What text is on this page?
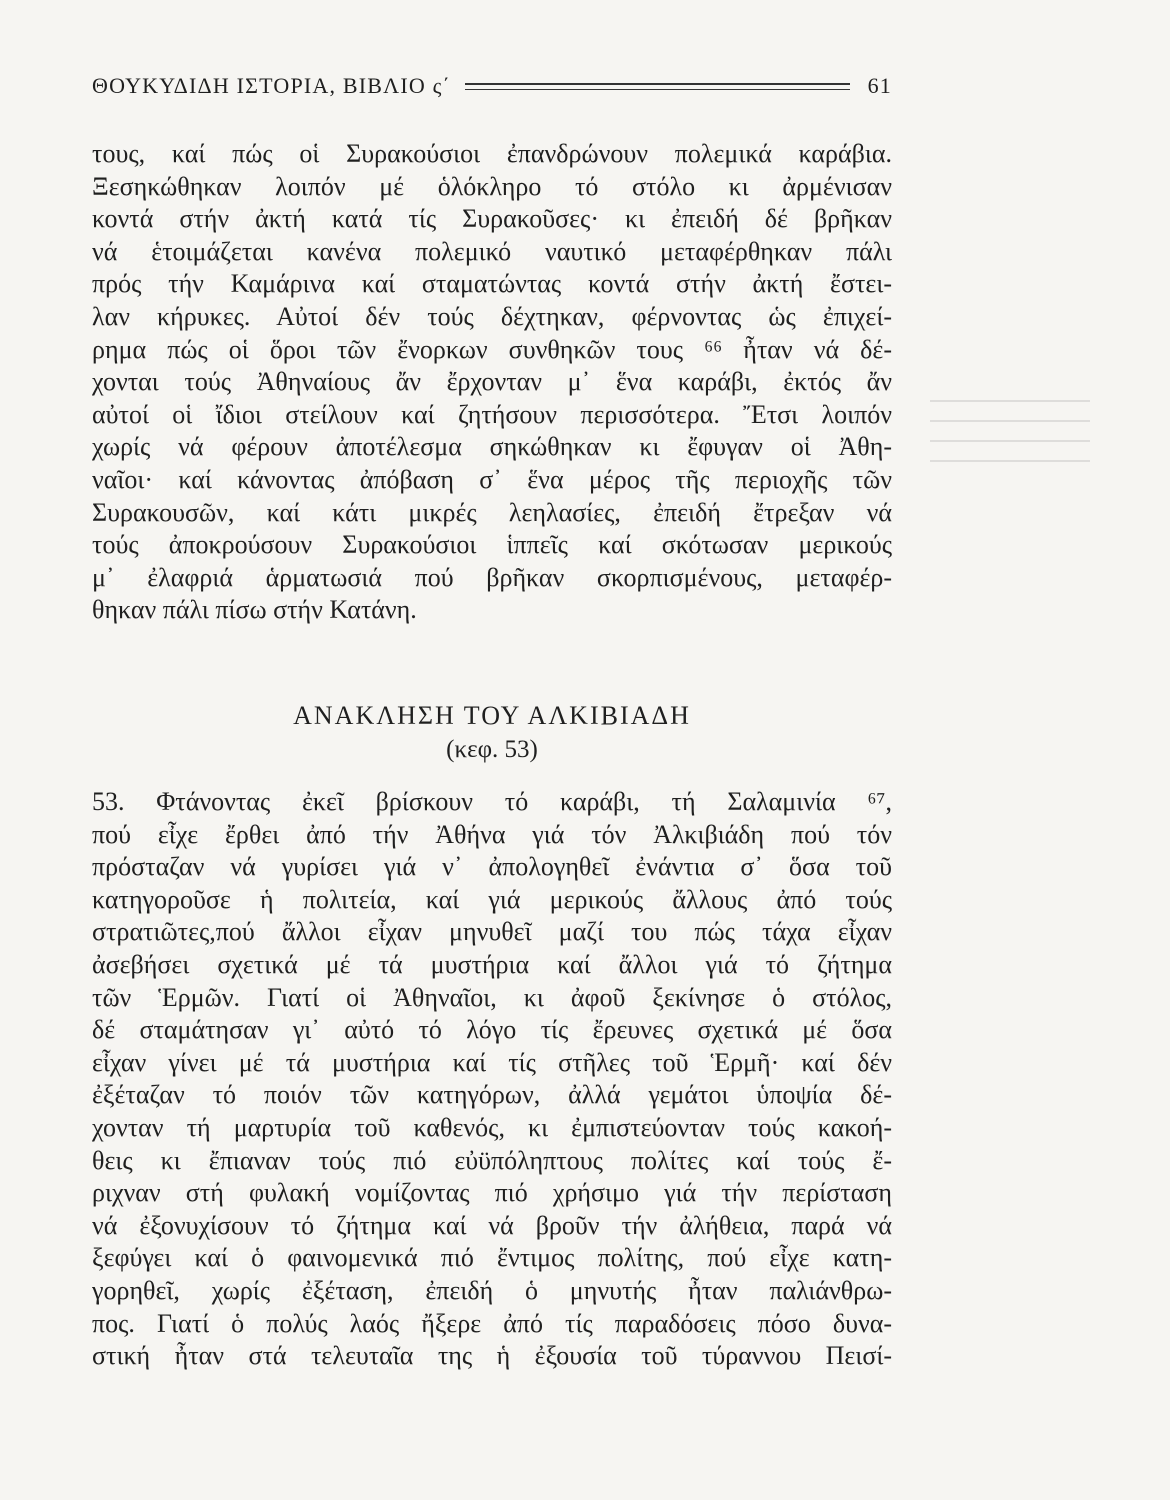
ΘΟΥΚΥΔΙΔΗ ΙΣΤΟΡΙΑ, ΒΙΒΛΙΟ ς΄	61
τους, καί πώς οἱ Συρακούσιοι ἐπανδρώνουν πολεμικά καράβια.
Ξεσηκώθηκαν λοιπόν μέ ὁλόκληρο τό στόλο κι ἀρμένισαν
κοντά στήν ἀκτή κατά τίς Συρακοῦσες· κι ἐπειδή δέ βρῆκαν
νά ἑτοιμάζεται κανένα πολεμικό ναυτικό μεταφέρθηκαν πάλι
πρός τήν Καμάρινα καί σταματώντας κοντά στήν ἀκτή ἔστει-
λαν κήρυκες. Αὐτοί δέν τούς δέχτηκαν, φέρνοντας ὡς ἐπιχεί-
ρημα πώς οἱ ὅροι τῶν ἔνορκων συνθηκῶν τους ⁶⁶ ἦταν νά δέ-
χονται τούς Ἀθηναίους ἄν ἔρχονταν μ᾿ ἕνα καράβι, ἐκτός ἄν
αὐτοί οἱ ἴδιοι στείλουν καί ζητήσουν περισσότερα. Ἔτσι λοιπόν
χωρίς νά φέρουν ἀποτέλεσμα σηκώθηκαν κι ἔφυγαν οἱ Ἀθη-
ναῖοι· καί κάνοντας ἀπόβαση σ᾿ ἕνα μέρος τῆς περιοχῆς τῶν
Συρακουσῶν, καί κάτι μικρές λεηλασίες, ἐπειδή ἔτρεξαν νά
τούς ἀποκρούσουν Συρακούσιοι ἱππεῖς καί σκότωσαν μερικούς
μ᾿ ἐλαφριά ἁρματωσιά πού βρῆκαν σκορπισμένους, μεταφέρ-
θηκαν πάλι πίσω στήν Κατάνη.
ΑΝΑΚΛΗΣΗ ΤΟΥ ΑΛΚΙΒΙΑΔΗ
(κεφ. 53)
53. Φτάνοντας ἐκεῖ βρίσκουν τό καράβι, τή Σαλαμινία ⁶⁷,
πού εἶχε ἔρθει ἀπό τήν Ἀθήνα γιά τόν Ἀλκιβιάδη πού τόν
πρόσταζαν νά γυρίσει γιά ν᾿ ἀπολογηθεῖ ἐνάντια σ᾿ ὅσα τοῦ
κατηγοροῦσε ἡ πολιτεία, καί γιά μερικούς ἄλλους ἀπό τούς
στρατιῶτες,πού ἄλλοι εἶχαν μηνυθεῖ μαζί του πώς τάχα εἶχαν
ἀσεβήσει σχετικά μέ τά μυστήρια καί ἄλλοι γιά τό ζήτημα
τῶν Ἑρμῶν. Γιατί οἱ Ἀθηναῖοι, κι ἀφοῦ ξεκίνησε ὁ στόλος,
δέ σταμάτησαν γι᾿ αὐτό τό λόγο τίς ἔρευνες σχετικά μέ ὅσα
εἶχαν γίνει μέ τά μυστήρια καί τίς στῆλες τοῦ Ἑρμῆ· καί δέν
ἐξέταζαν τό ποιόν τῶν κατηγόρων, ἀλλά γεμάτοι ὑποψία δέ-
χονταν τή μαρτυρία τοῦ καθενός, κι ἐμπιστεύονταν τούς κακοή-
θεις κι ἔπιαναν τούς πιό εὐϋπόληπτους πολίτες καί τούς ἔ-
ριχναν στή φυλακή νομίζοντας πιό χρήσιμο γιά τήν περίσταση
νά ἐξονυχίσουν τό ζήτημα καί νά βροῦν τήν ἀλήθεια, παρά νά
ξεφύγει καί ὁ φαινομενικά πιό ἔντιμος πολίτης, πού εἶχε κατη-
γορηθεῖ, χωρίς ἐξέταση, ἐπειδή ὁ μηνυτής ἦταν παλιάνθρω-
πος. Γιατί ὁ πολύς λαός ἤξερε ἀπό τίς παραδόσεις πόσο δυνα-
στική ἦταν στά τελευταῖα της ἡ ἐξουσία τοῦ τύραννου Πεισί-
